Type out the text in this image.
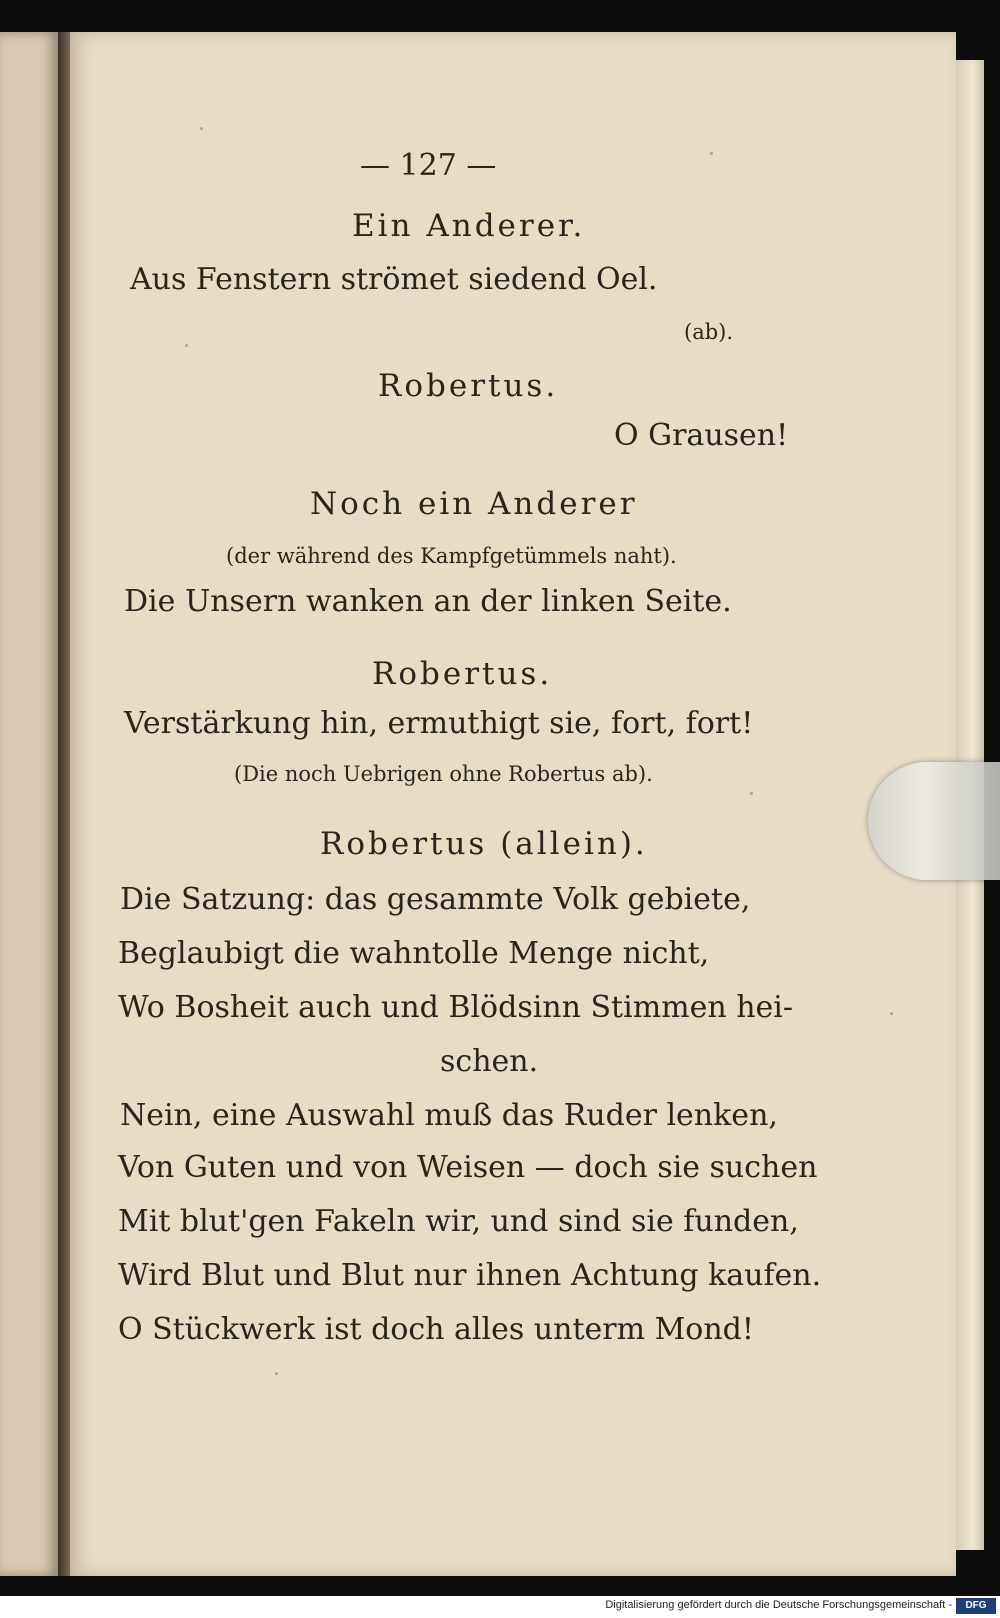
— 127 —

Ein Anderer.

Aus Fenstern strömet siedend Oel.

(ab).

Robertus.

O Grausen!

Noch ein Anderer

(der während des Kampfgetümmels naht).

Die Unsern wanken an der linken Seite.

Robertus.

Verstärkung hin, ermuthigt sie, fort, fort!

(Die noch Uebrigen ohne Robertus ab).

Robertus (allein).

Die Satzung: das gesammte Volk gebiete,

Beglaubigt die wahntolle Menge nicht,

Wo Bosheit auch und Blödsinn Stimmen hei-

schen.

Nein, eine Auswahl muß das Ruder lenken,

Von Guten und von Weisen — doch sie suchen

Mit blut'gen Fakeln wir, und sind sie funden,

Wird Blut und Blut nur ihnen Achtung kaufen.

O Stückwerk ist doch alles unterm Mond!

Digitalisierung gefördert durch die Deutsche Forschungsgemeinschaft -	DFG
